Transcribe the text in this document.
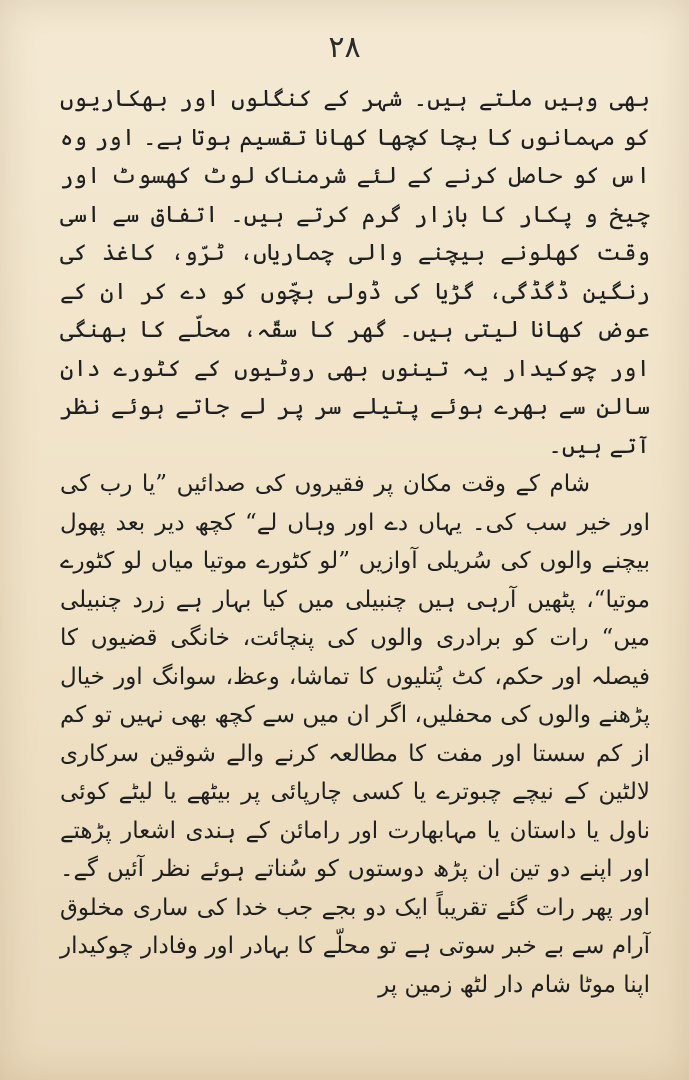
۲۸

بھی وہیں ملتے ہیں۔ شہر کے کنگلوں اور بھکاریوں کو مہمانوں کا بچا کچھا کھانا تقسیم ہوتا ہے۔ اور وہ اس کو حاصل کرنے کے لئے شرمناک لوٹ کھسوٹ اور چیخ و پکار کا بازار گرم کرتے ہیں۔ اتفاق سے اسی وقت کھلونے بیچنے والی چماریاں، ٹرّو، کاغذ کی رنگین ڈگڈگی، گڑیا کی ڈولی بچّوں کو دے کر ان کے عوض کھانا لیتی ہیں۔ گھر کا سقّہ، محلّے کا بھنگی اور چوکیدار یہ تینوں بھی روٹیوں کے کٹورے دان سالن سے بھرے ہوئے پتیلے سر پر لے جاتے ہوئے نظر آتے ہیں۔

شام کے وقت مکان پر فقیروں کی صدائیں ”یا رب کی اور خیر سب کی۔ یہاں دے اور وہاں لے“ کچھ دیر بعد پھول بیچنے والوں کی سُریلی آوازیں ”لو کٹورے موتیا میاں لو کٹورے موتیا“، پٹھیں آرہی ہیں چنبیلی میں کیا بہار ہے زرد چنبیلی میں“ رات کو برادری والوں کی پنچائت، خانگی قضیوں کا فیصلہ اور حکم، کٹ پُتلیوں کا تماشا، وعظ، سوانگ اور خیال پڑھنے والوں کی محفلیں، اگر ان میں سے کچھ بھی نہیں تو کم از کم سستا اور مفت کا مطالعہ کرنے والے شوقین سرکاری لالٹین کے نیچے چبوترے یا کسی چارپائی پر بیٹھے یا لیٹے کوئی ناول یا داستان یا مہابھارت اور رامائن کے ہندی اشعار پڑھتے اور اپنے دو تین ان پڑھ دوستوں کو سُناتے ہوئے نظر آئیں گے۔ اور پھر رات گئے تقریباً ایک دو بجے جب خدا کی ساری مخلوق آرام سے بے خبر سوتی ہے تو محلّے کا بہادر اور وفادار چوکیدار اپنا موٹا شام دار لٹھ زمین پر
